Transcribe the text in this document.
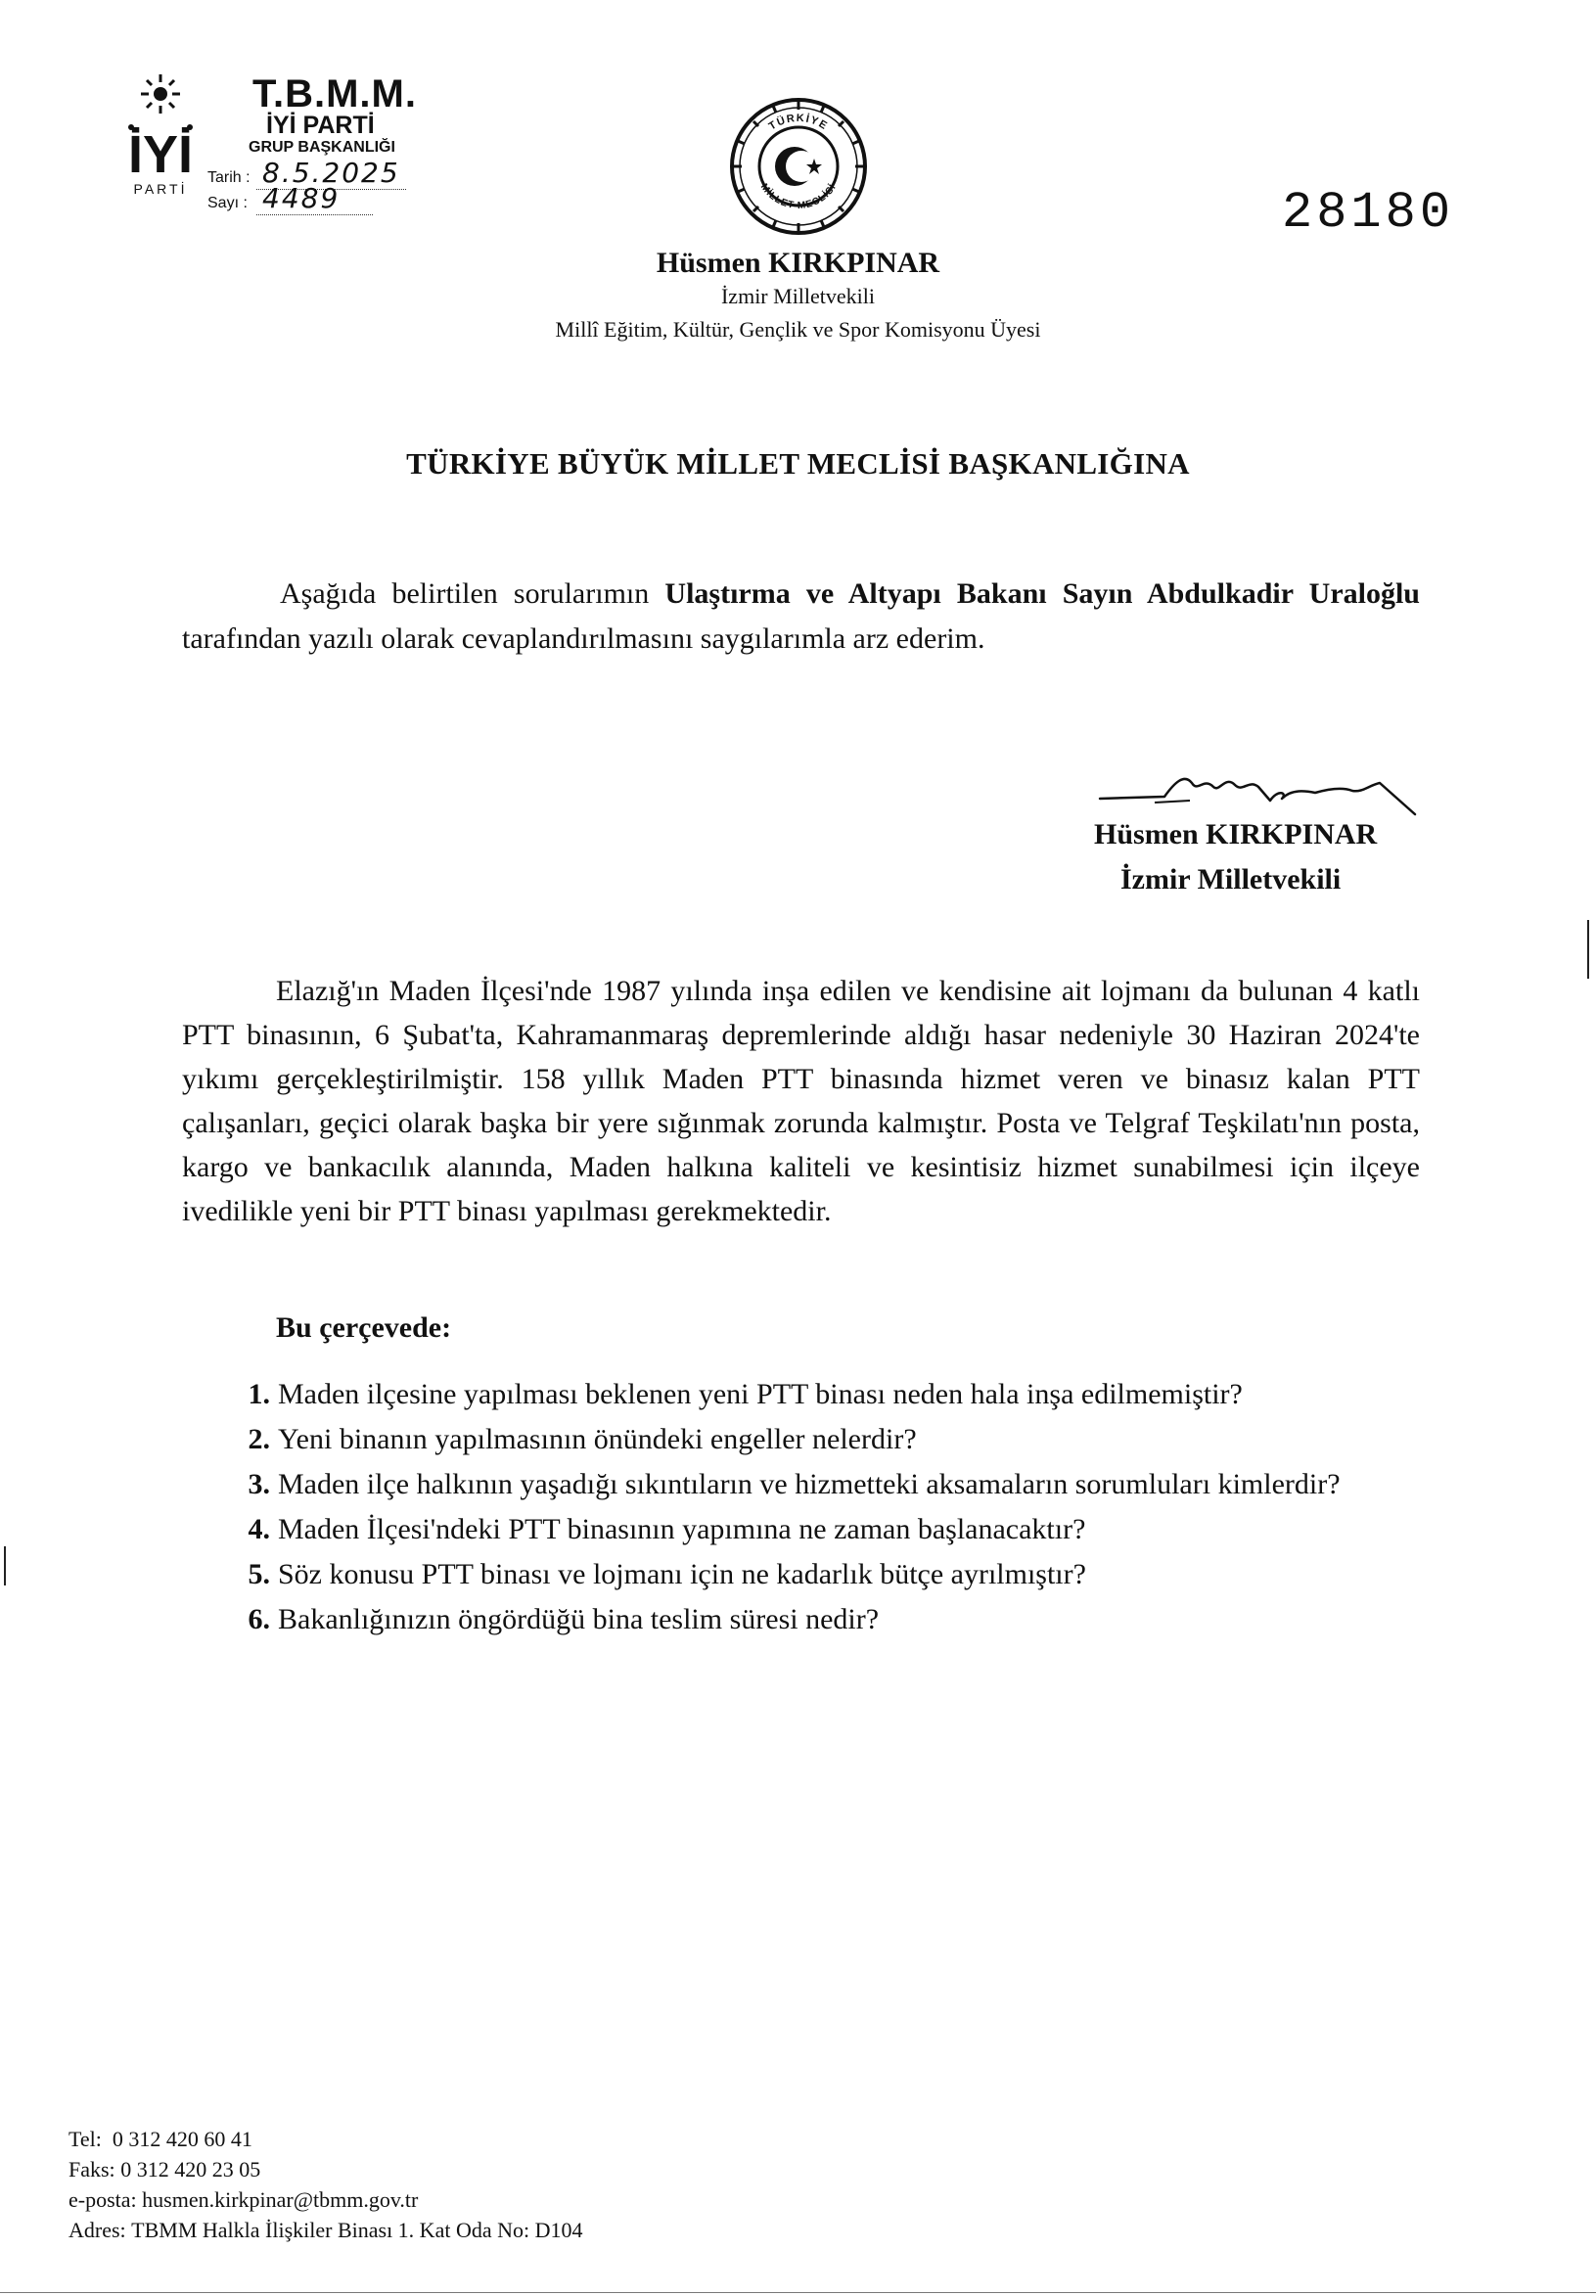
İYİ
PARTİ
T.B.M.M.
İYİ PARTİ
GRUP BAŞKANLIĞI
Tarih : 8.5.2025
Sayı : 4489
TÜRKİYE
MİLLET MECLİSİ	28180
Hüsmen KIRKPINAR
İzmir Milletvekili
Millî Eğitim, Kültür, Gençlik ve Spor Komisyonu Üyesi
TÜRKİYE BÜYÜK MİLLET MECLİSİ BAŞKANLIĞINA
Aşağıda belirtilen sorularımın Ulaştırma ve Altyapı Bakanı Sayın Abdulkadir Uraloğlu tarafından yazılı olarak cevaplandırılmasını saygılarımla arz ederim.
Hüsmen KIRKPINAR
İzmir Milletvekili
Elazığ'ın Maden İlçesi'nde 1987 yılında inşa edilen ve kendisine ait lojmanı da bulunan 4 katlı PTT binasının, 6 Şubat'ta, Kahramanmaraş depremlerinde aldığı hasar nedeniyle 30 Haziran 2024'te yıkımı gerçekleştirilmiştir. 158 yıllık Maden PTT binasında hizmet veren ve binasız kalan PTT çalışanları, geçici olarak başka bir yere sığınmak zorunda kalmıştır. Posta ve Telgraf Teşkilatı'nın posta, kargo ve bankacılık alanında, Maden halkına kaliteli ve kesintisiz hizmet sunabilmesi için ilçeye ivedilikle yeni bir PTT binası yapılması gerekmektedir.
Bu çerçevede:
1. Maden ilçesine yapılması beklenen yeni PTT binası neden hala inşa edilmemiştir?
2. Yeni binanın yapılmasının önündeki engeller nelerdir?
3. Maden ilçe halkının yaşadığı sıkıntıların ve hizmetteki aksamaların sorumluları kimlerdir?
4. Maden İlçesi'ndeki PTT binasının yapımına ne zaman başlanacaktır?
5. Söz konusu PTT binası ve lojmanı için ne kadarlık bütçe ayrılmıştır?
6. Bakanlığınızın öngördüğü bina teslim süresi nedir?
Tel: 0 312 420 60 41
Faks: 0 312 420 23 05
e-posta: husmen.kirkpinar@tbmm.gov.tr
Adres: TBMM Halkla İlişkiler Binası 1. Kat Oda No: D104
